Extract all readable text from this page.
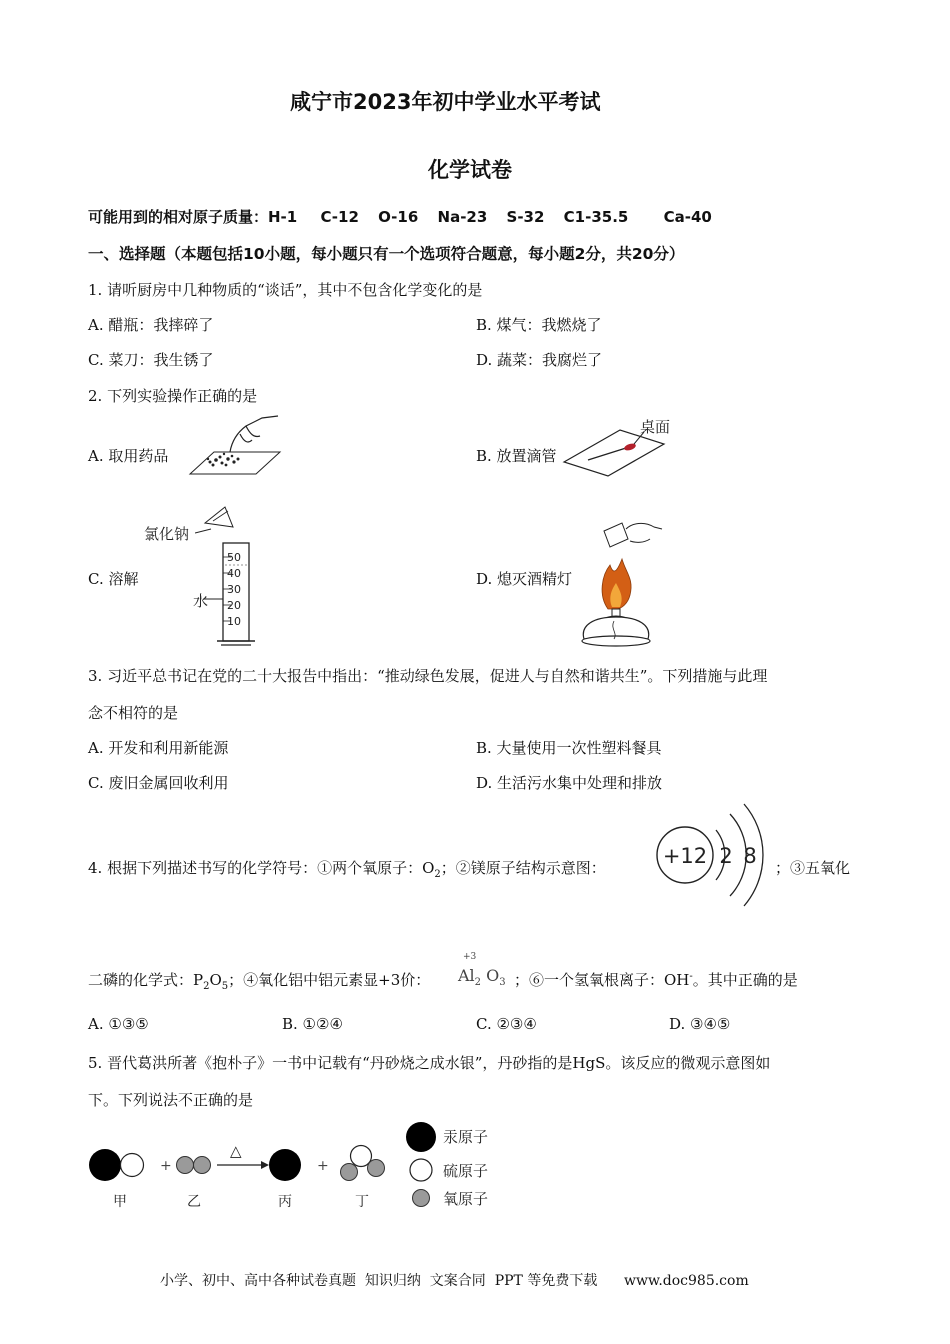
咸宁市2023年初中学业水平考试
化学试卷
可能用到的相对原子质量：H-1 C-12 O-16 Na-23 S-32 C1-35.5 Ca-40
一、选择题（本题包括10小题，每小题只有一个选项符合题意，每小题2分，共20分）
1. 请听厨房中几种物质的“谈话”，其中不包含化学变化的是
A. 醋瓶：我摔碎了	B. 煤气：我燃烧了
C. 菜刀：我生锈了	D. 蔬菜：我腐烂了
2. 下列实验操作正确的是
A. 取用药品	B. 放置滴管
桌面
C. 溶解
氯化钠
水
50
40
30
20
10
D. 熄灭酒精灯
3. 习近平总书记在党的二十大报告中指出：“推动绿色发展，促进人与自然和谐共生”。下列措施与此理
念不相符的是
A. 开发和利用新能源	B. 大量使用一次性塑料餐具
C. 废旧金属回收利用	D. 生活污水集中处理和排放
4. 根据下列描述书写的化学符号：①两个氧原子：$O_2$；②镁原子结构示意图：	+12 2 8 ；③五氧化
二磷的化学式：$P_2O_5$；④氧化铝中铝元素显+3价：
+3
$Al_2$ $O_3$ ；⑥一个氢氧根离子：OH-。其中正确的是
A. ①③⑤	B. ①②④	C. ②③④	D. ③④⑤
5. 晋代葛洪所著《抱朴子》一书中记载有“丹砂烧之成水银”，丹砂指的是HgS。该反应的微观示意图如
下。下列说法不正确的是
+
△
+
甲	乙	丙	丁
汞原子
硫原子
氧原子
小学、初中、高中各种试卷真题  知识归纳  文案合同  PPT 等免费下载      www.doc985.com
